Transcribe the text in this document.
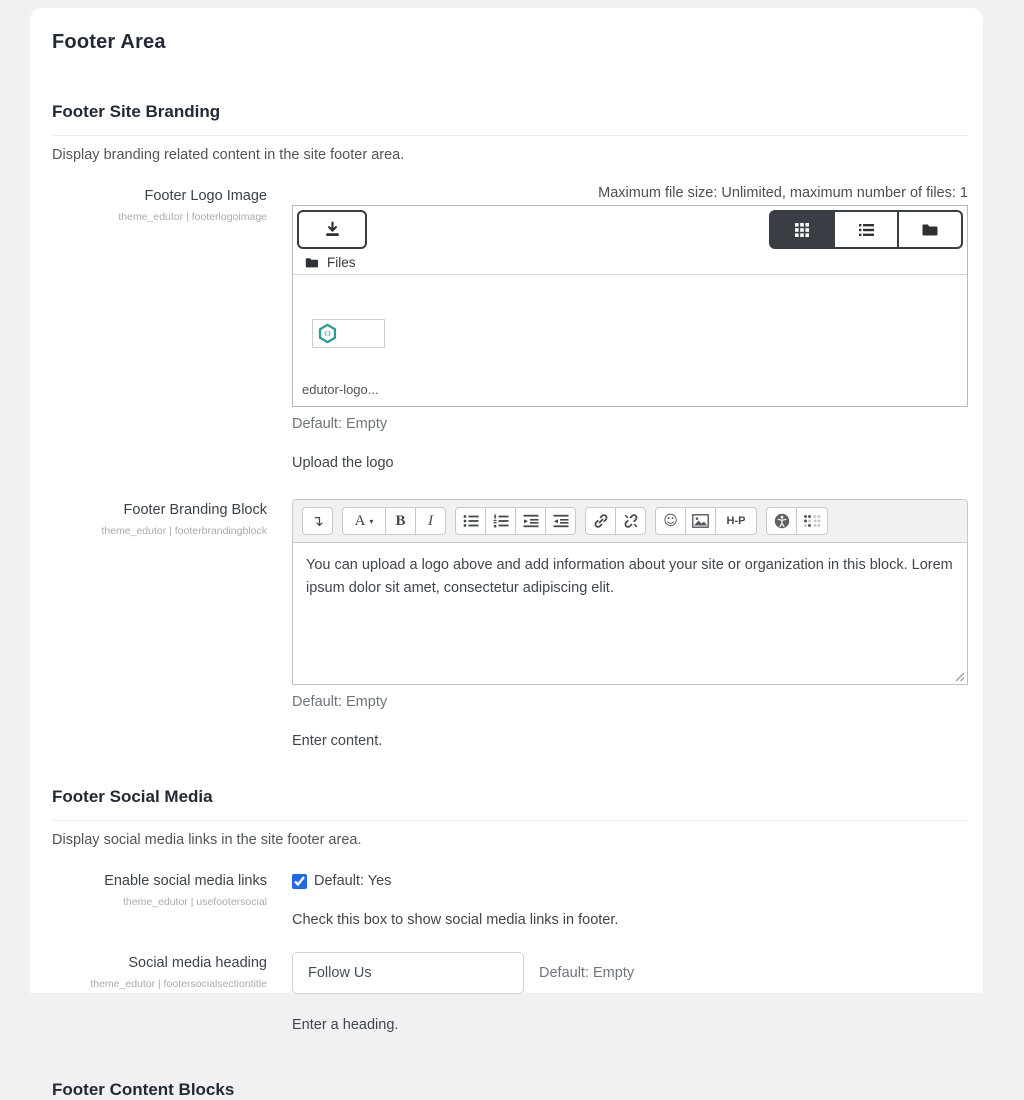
Footer Area
Footer Site Branding

Display branding related content in the site footer area.

Footer Logo Image
theme_edutor | footerlogoimage
Maximum file size: Unlimited, maximum number of files: 1
Files
edutor-logo...
Default: Empty
Upload the logo
Footer Branding Block
theme_edutor | footerbrandingblock
↴ A ▾ B I	☺	H-P
You can upload a logo above and add information about your site or organization in this block. Lorem ipsum dolor sit amet, consectetur adipiscing elit.
Default: Empty
Enter content.
Footer Social Media

Display social media links in the site footer area.

Enable social media links
theme_edutor | usefootersocial
Default: Yes
Check this box to show social media links in footer.
Social media heading
theme_edutor | footersocialsectiontitle
Follow Us
Default: Empty
Enter a heading.
Footer Content Blocks
